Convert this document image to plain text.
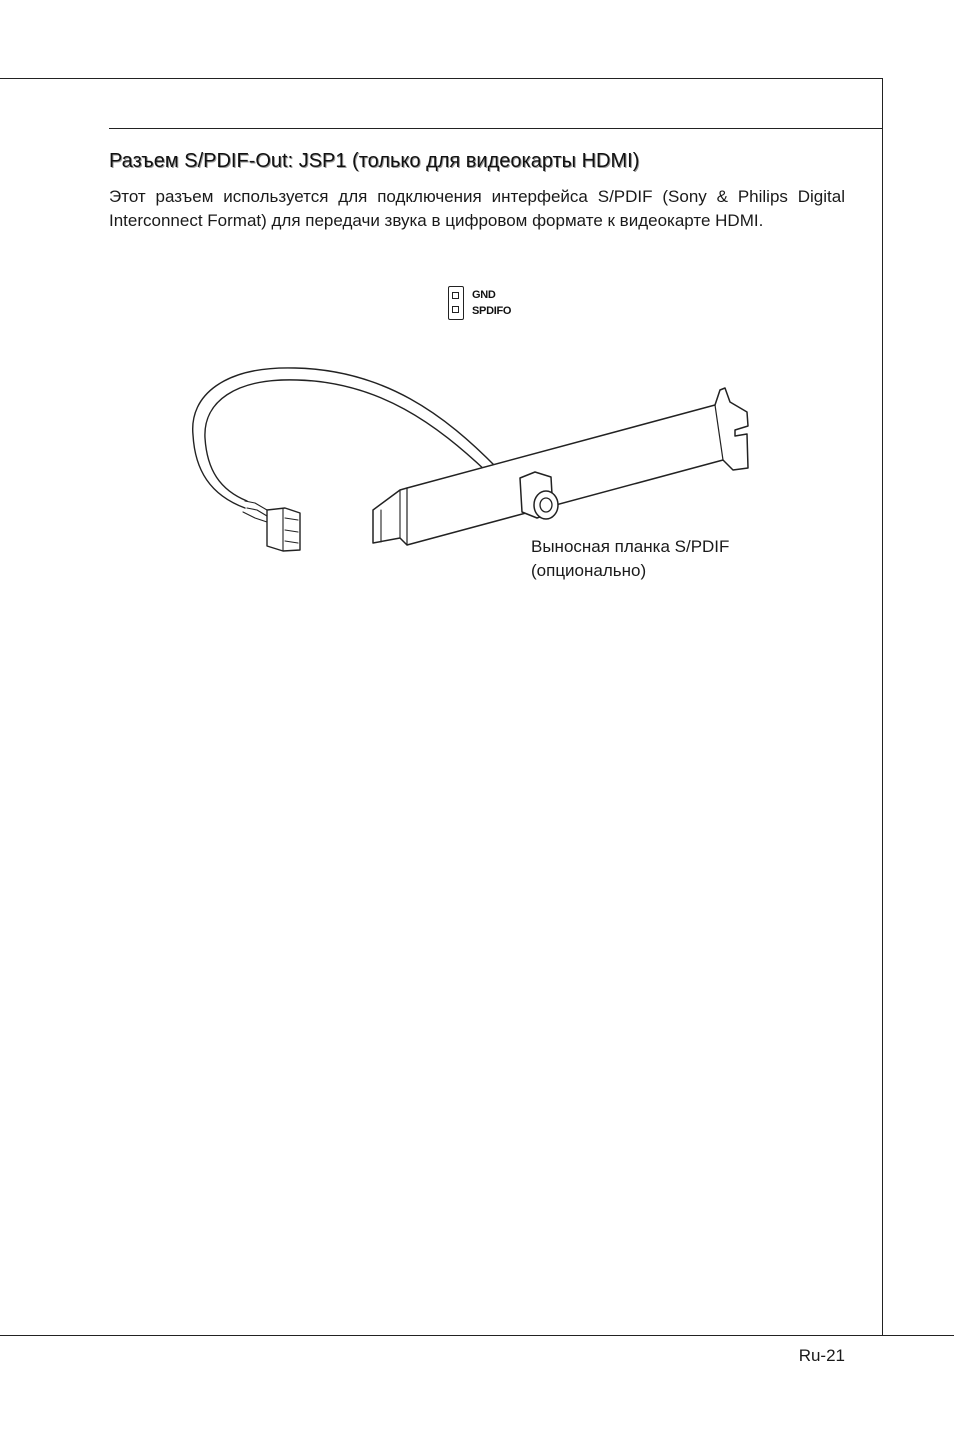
Разъем S/PDIF-Out: JSP1 (только для видеокарты HDMI)

Этот разъем используется для подключения интерфейса S/PDIF (Sony & Philips Digital Interconnect Format) для передачи звука в цифровом формате к видеокарте HDMI.

GND
SPDIFO

Выносная планка S/PDIF
(опционально)

Ru-21
